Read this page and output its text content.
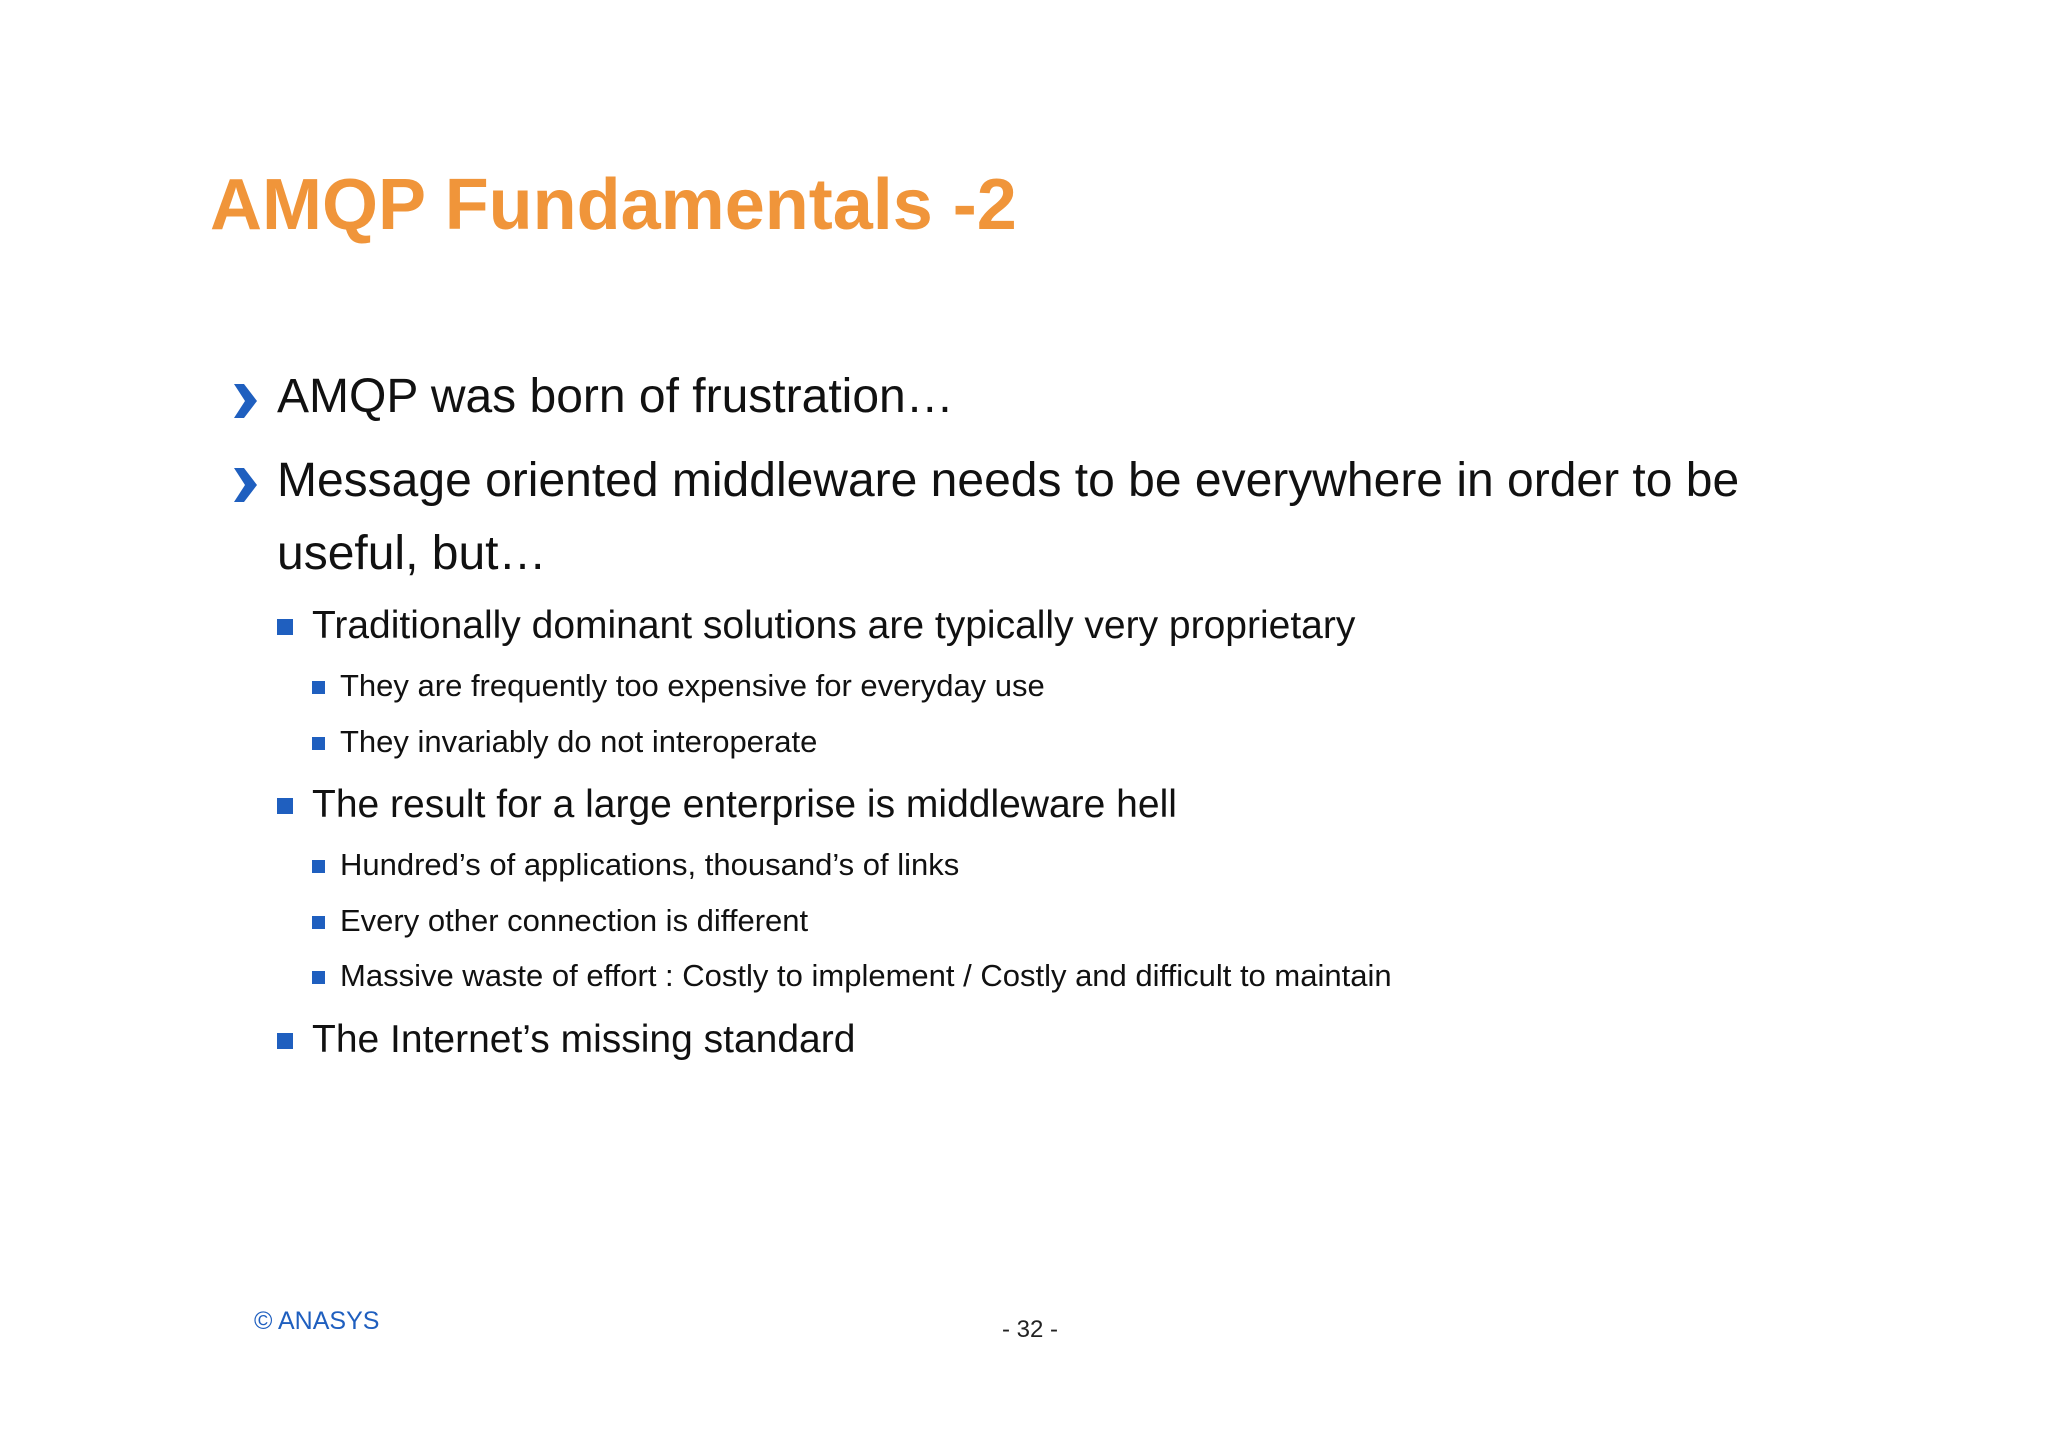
AMQP Fundamentals -2
AMQP was born of frustration…
Message oriented middleware needs to be everywhere in order to be
useful, but…
Traditionally dominant solutions are typically very proprietary
They are frequently too expensive for everyday use
They invariably do not interoperate
The result for a large enterprise is middleware hell
Hundred’s of applications, thousand’s of links
Every other connection is different
Massive waste of effort : Costly to implement / Costly and difficult to maintain
The Internet’s missing standard
© ANASYS	- 32 -
